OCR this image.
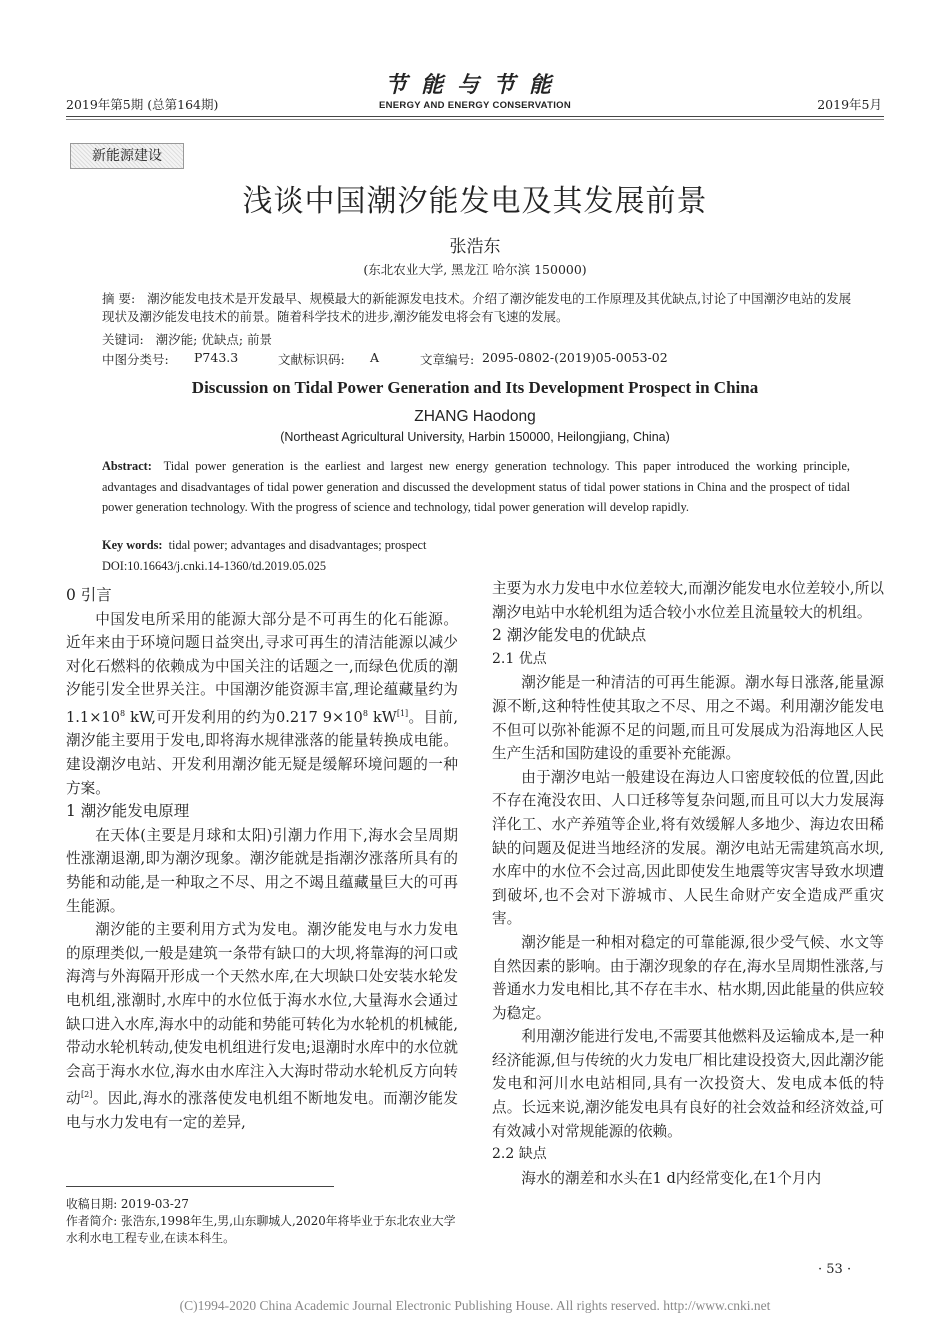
2019年第5期 (总第164期)
节能与节能
ENERGY AND ENERGY CONSERVATION	2019年5月
新能源建设
浅谈中国潮汐能发电及其发展前景
张浩东
(东北农业大学, 黑龙江 哈尔滨 150000)
摘 要: 潮汐能发电技术是开发最早、规模最大的新能源发电技术。介绍了潮汐能发电的工作原理及其优缺点,讨论了中国潮汐电站的发展现状及潮汐能发电技术的前景。随着科学技术的进步,潮汐能发电将会有飞速的发展。
关键词: 潮汐能; 优缺点; 前景
中图分类号: P743.3	文献标识码: A	文章编号: 2095-0802-(2019)05-0053-02
Discussion on Tidal Power Generation and Its Development Prospect in China
ZHANG Haodong
(Northeast Agricultural University, Harbin 150000, Heilongjiang, China)
Abstract: Tidal power generation is the earliest and largest new energy generation technology. This paper introduced the working principle, advantages and disadvantages of tidal power generation and discussed the development status of tidal power stations in China and the prospect of tidal power generation technology. With the progress of science and technology, tidal power generation will develop rapidly.
Key words: tidal power; advantages and disadvantages; prospect
DOI:10.16643/j.cnki.14-1360/td.2019.05.025
0 引言

中国发电所采用的能源大部分是不可再生的化石能源。近年来由于环境问题日益突出,寻求可再生的清洁能源以减少对化石燃料的依赖成为中国关注的话题之一,而绿色优质的潮汐能引发全世界关注。中国潮汐能资源丰富,理论蕴藏量约为$1.1\times 10^8$ kW,可开发利用的约为0.217 $9\times 10^8$ kW[1]。目前,潮汐能主要用于发电,即将海水规律涨落的能量转换成电能。建设潮汐电站、开发利用潮汐能无疑是缓解环境问题的一种方案。

1 潮汐能发电原理

在天体(主要是月球和太阳)引潮力作用下,海水会呈周期性涨潮退潮,即为潮汐现象。潮汐能就是指潮汐涨落所具有的势能和动能,是一种取之不尽、用之不竭且蕴藏量巨大的可再生能源。

潮汐能的主要利用方式为发电。潮汐能发电与水力发电的原理类似,一般是建筑一条带有缺口的大坝,将靠海的河口或海湾与外海隔开形成一个天然水库,在大坝缺口处安装水轮发电机组,涨潮时,水库中的水位低于海水水位,大量海水会通过缺口进入水库,海水中的动能和势能可转化为水轮机的机械能,带动水轮机转动,使发电机组进行发电;退潮时水库中的水位就会高于海水水位,海水由水库注入大海时带动水轮机反方向转动[2]。因此,海水的涨落使发电机组不断地发电。而潮汐能发电与水力发电有一定的差异,

主要为水力发电中水位差较大,而潮汐能发电水位差较小,所以潮汐电站中水轮机组为适合较小水位差且流量较大的机组。

2 潮汐能发电的优缺点
2.1 优点

潮汐能是一种清洁的可再生能源。潮水每日涨落,能量源源不断,这种特性使其取之不尽、用之不竭。利用潮汐能发电不但可以弥补能源不足的问题,而且可发展成为沿海地区人民生产生活和国防建设的重要补充能源。

由于潮汐电站一般建设在海边人口密度较低的位置,因此不存在淹没农田、人口迁移等复杂问题,而且可以大力发展海洋化工、水产养殖等企业,将有效缓解人多地少、海边农田稀缺的问题及促进当地经济的发展。潮汐电站无需建筑高水坝,水库中的水位不会过高,因此即使发生地震等灾害导致水坝遭到破坏,也不会对下游城市、人民生命财产安全造成严重灾害。

潮汐能是一种相对稳定的可靠能源,很少受气候、水文等自然因素的影响。由于潮汐现象的存在,海水呈周期性涨落,与普通水力发电相比,其不存在丰水、枯水期,因此能量的供应较为稳定。

利用潮汐能进行发电,不需要其他燃料及运输成本,是一种经济能源,但与传统的火力发电厂相比建设投资大,因此潮汐能发电和河川水电站相同,具有一次投资大、发电成本低的特点。长远来说,潮汐能发电具有良好的社会效益和经济效益,可有效减小对常规能源的依赖。

2.2 缺点

海水的潮差和水头在1 d内经常变化,在1个月内

收稿日期: 2019-03-27
作者简介: 张浩东,1998年生,男,山东聊城人,2020年将毕业于东北农业大学水利水电工程专业,在读本科生。
· 53 ·
(C)1994-2020 China Academic Journal Electronic Publishing House. All rights reserved. http://www.cnki.net
